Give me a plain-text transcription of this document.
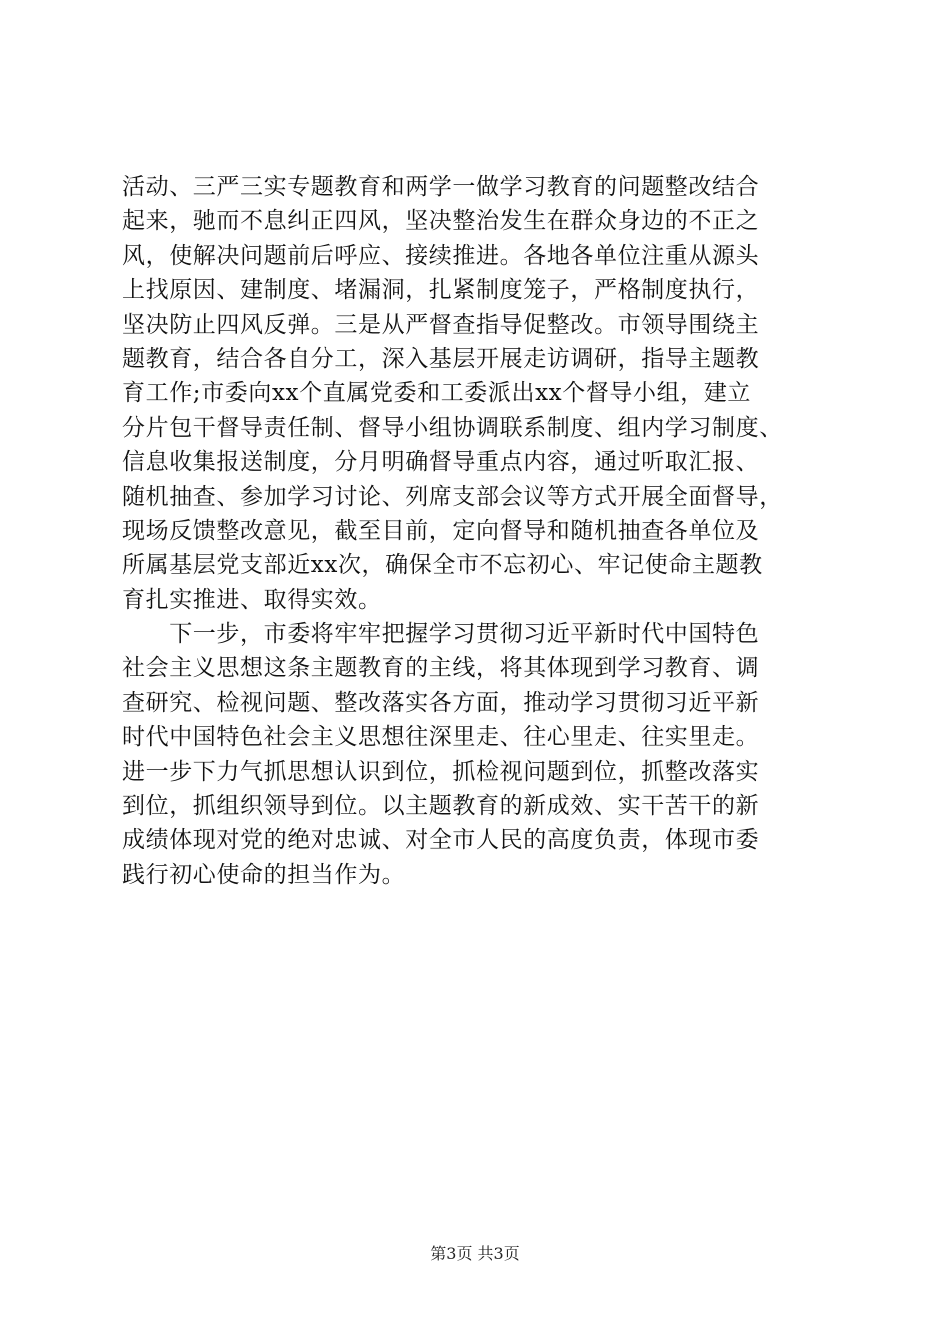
活动、三严三实专题教育和两学一做学习教育的问题整改结合
起来，驰而不息纠正四风，坚决整治发生在群众身边的不正之
风，使解决问题前后呼应、接续推进。各地各单位注重从源头
上找原因、建制度、堵漏洞，扎紧制度笼子，严格制度执行，
坚决防止四风反弹。三是从严督查指导促整改。市领导围绕主
题教育，结合各自分工，深入基层开展走访调研，指导主题教
育工作;市委向xx个直属党委和工委派出xx个督导小组，建立
分片包干督导责任制、督导小组协调联系制度、组内学习制度、
信息收集报送制度，分月明确督导重点内容，通过听取汇报、
随机抽查、参加学习讨论、列席支部会议等方式开展全面督导，
现场反馈整改意见，截至目前，定向督导和随机抽查各单位及
所属基层党支部近xx次，确保全市不忘初心、牢记使命主题教
育扎实推进、取得实效。
　　下一步，市委将牢牢把握学习贯彻习近平新时代中国特色
社会主义思想这条主题教育的主线，将其体现到学习教育、调
查研究、检视问题、整改落实各方面，推动学习贯彻习近平新
时代中国特色社会主义思想往深里走、往心里走、往实里走。
进一步下力气抓思想认识到位，抓检视问题到位，抓整改落实
到位，抓组织领导到位。以主题教育的新成效、实干苦干的新
成绩体现对党的绝对忠诚、对全市人民的高度负责，体现市委
践行初心使命的担当作为。
第3页 共3页
